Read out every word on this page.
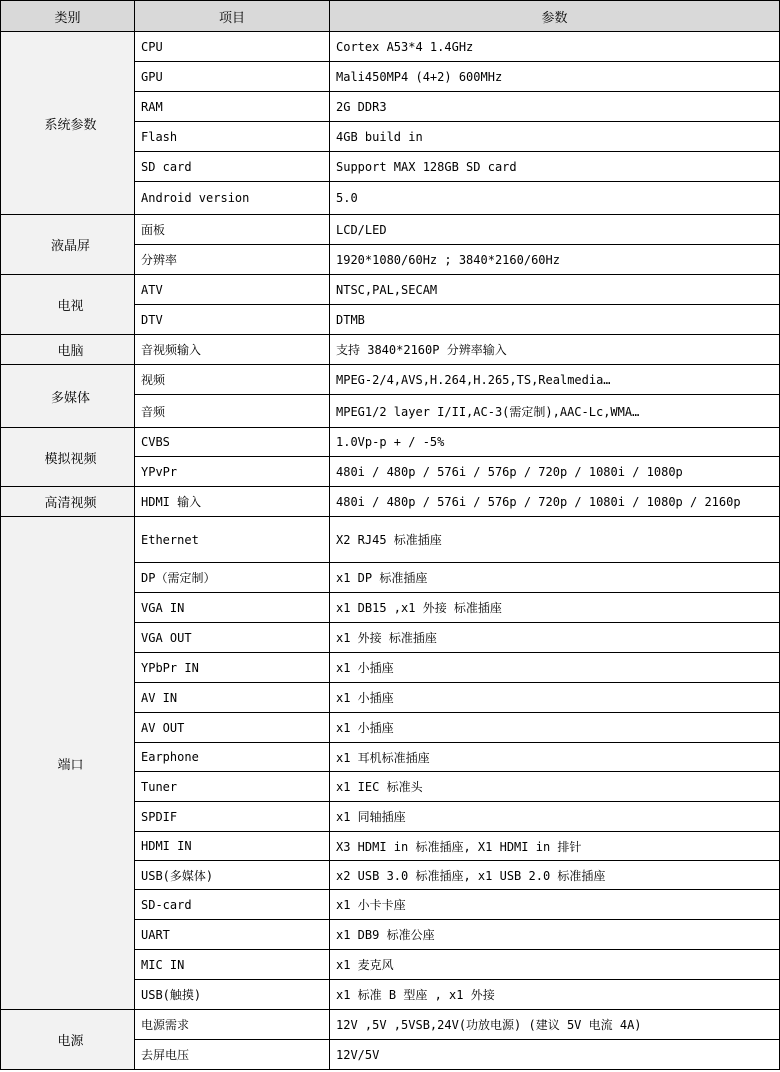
类别	项目	参数
系统参数	CPU	Cortex A53*4 1.4GHz
	GPU	Mali450MP4 (4+2) 600MHz
	RAM	2G DDR3
	Flash	4GB build in
	SD card	Support MAX 128GB SD card
	Android version	5.0
液晶屏	面板	LCD/LED
	分辨率	1920*1080/60Hz ; 3840*2160/60Hz
电视	ATV	NTSC,PAL,SECAM
	DTV	DTMB
电脑	音视频输入	支持 3840*2160P 分辨率输入
多媒体	视频	MPEG-2/4,AVS,H.264,H.265,TS,Realmedia…
	音频	MPEG1/2 layer I/II,AC-3(需定制),AAC-Lc,WMA…
模拟视频	CVBS	1.0Vp-p + / -5%
	YPvPr	480i / 480p / 576i / 576p / 720p / 1080i / 1080p
高清视频	HDMI 输入	480i / 480p / 576i / 576p / 720p / 1080i / 1080p / 2160p
端口	Ethernet	X2 RJ45 标准插座
	DP（需定制）	x1 DP 标准插座
	VGA IN	x1 DB15 ,x1 外接 标准插座
	VGA OUT	x1 外接 标准插座
	YPbPr IN	x1 小插座
	AV IN	x1 小插座
	AV OUT	x1 小插座
	Earphone	x1 耳机标准插座
	Tuner	x1 IEC 标准头
	SPDIF	x1 同轴插座
	HDMI IN	X3 HDMI in 标准插座, X1 HDMI in 排针
	USB(多媒体)	x2 USB 3.0 标准插座, x1 USB 2.0 标准插座
	SD-card	x1 小卡卡座
	UART	x1 DB9 标准公座
	MIC IN	x1 麦克风
	USB(触摸)	x1 标准 B 型座 , x1 外接
电源	电源需求	12V ,5V ,5VSB,24V(功放电源) (建议 5V 电流 4A)
	去屏电压	12V/5V
